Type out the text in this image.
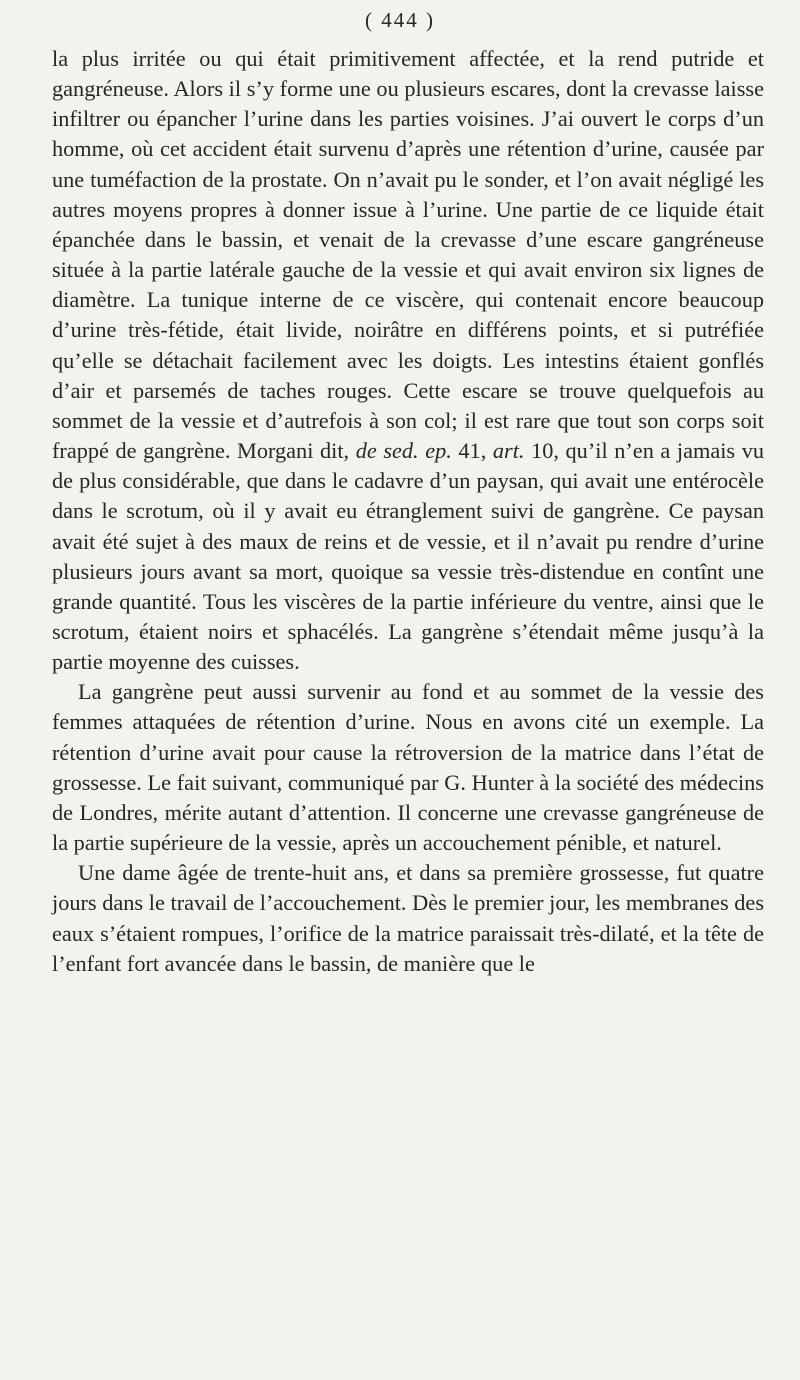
( 444 )

la plus irritée ou qui était primitivement affectée, et la rend putride et gangréneuse. Alors il s’y forme une ou plusieurs escares, dont la crevasse laisse infiltrer ou épancher l’urine dans les parties voisines. J’ai ouvert le corps d’un homme, où cet accident était survenu d’après une rétention d’urine, causée par une tuméfaction de la prostate. On n’avait pu le sonder, et l’on avait négligé les autres moyens propres à donner issue à l’urine. Une partie de ce liquide était épanchée dans le bassin, et venait de la crevasse d’une escare gangréneuse située à la partie latérale gauche de la vessie et qui avait environ six lignes de diamètre. La tunique interne de ce viscère, qui contenait encore beaucoup d’urine très-fétide, était livide, noirâtre en différens points, et si putréfiée qu’elle se détachait facilement avec les doigts. Les intestins étaient gonflés d’air et parsemés de taches rouges. Cette escare se trouve quelquefois au sommet de la vessie et d’autrefois à son col; il est rare que tout son corps soit frappé de gangrène. Morgani dit, de sed. ep. 41, art. 10, qu’il n’en a jamais vu de plus considérable, que dans le cadavre d’un paysan, qui avait une entérocèle dans le scrotum, où il y avait eu étranglement suivi de gangrène. Ce paysan avait été sujet à des maux de reins et de vessie, et il n’avait pu rendre d’urine plusieurs jours avant sa mort, quoique sa vessie très-distendue en contînt une grande quantité. Tous les viscères de la partie inférieure du ventre, ainsi que le scrotum, étaient noirs et sphacélés. La gangrène s’étendait même jusqu’à la partie moyenne des cuisses.

La gangrène peut aussi survenir au fond et au sommet de la vessie des femmes attaquées de rétention d’urine. Nous en avons cité un exemple. La rétention d’urine avait pour cause la rétroversion de la matrice dans l’état de grossesse. Le fait suivant, communiqué par G. Hunter à la société des médecins de Londres, mérite autant d’attention. Il concerne une crevasse gangréneuse de la partie supérieure de la vessie, après un accouchement pénible, et naturel.

Une dame âgée de trente-huit ans, et dans sa première grossesse, fut quatre jours dans le travail de l’accouchement. Dès le premier jour, les membranes des eaux s’étaient rompues, l’orifice de la matrice paraissait très-dilaté, et la tête de l’enfant fort avancée dans le bassin, de manière que le
